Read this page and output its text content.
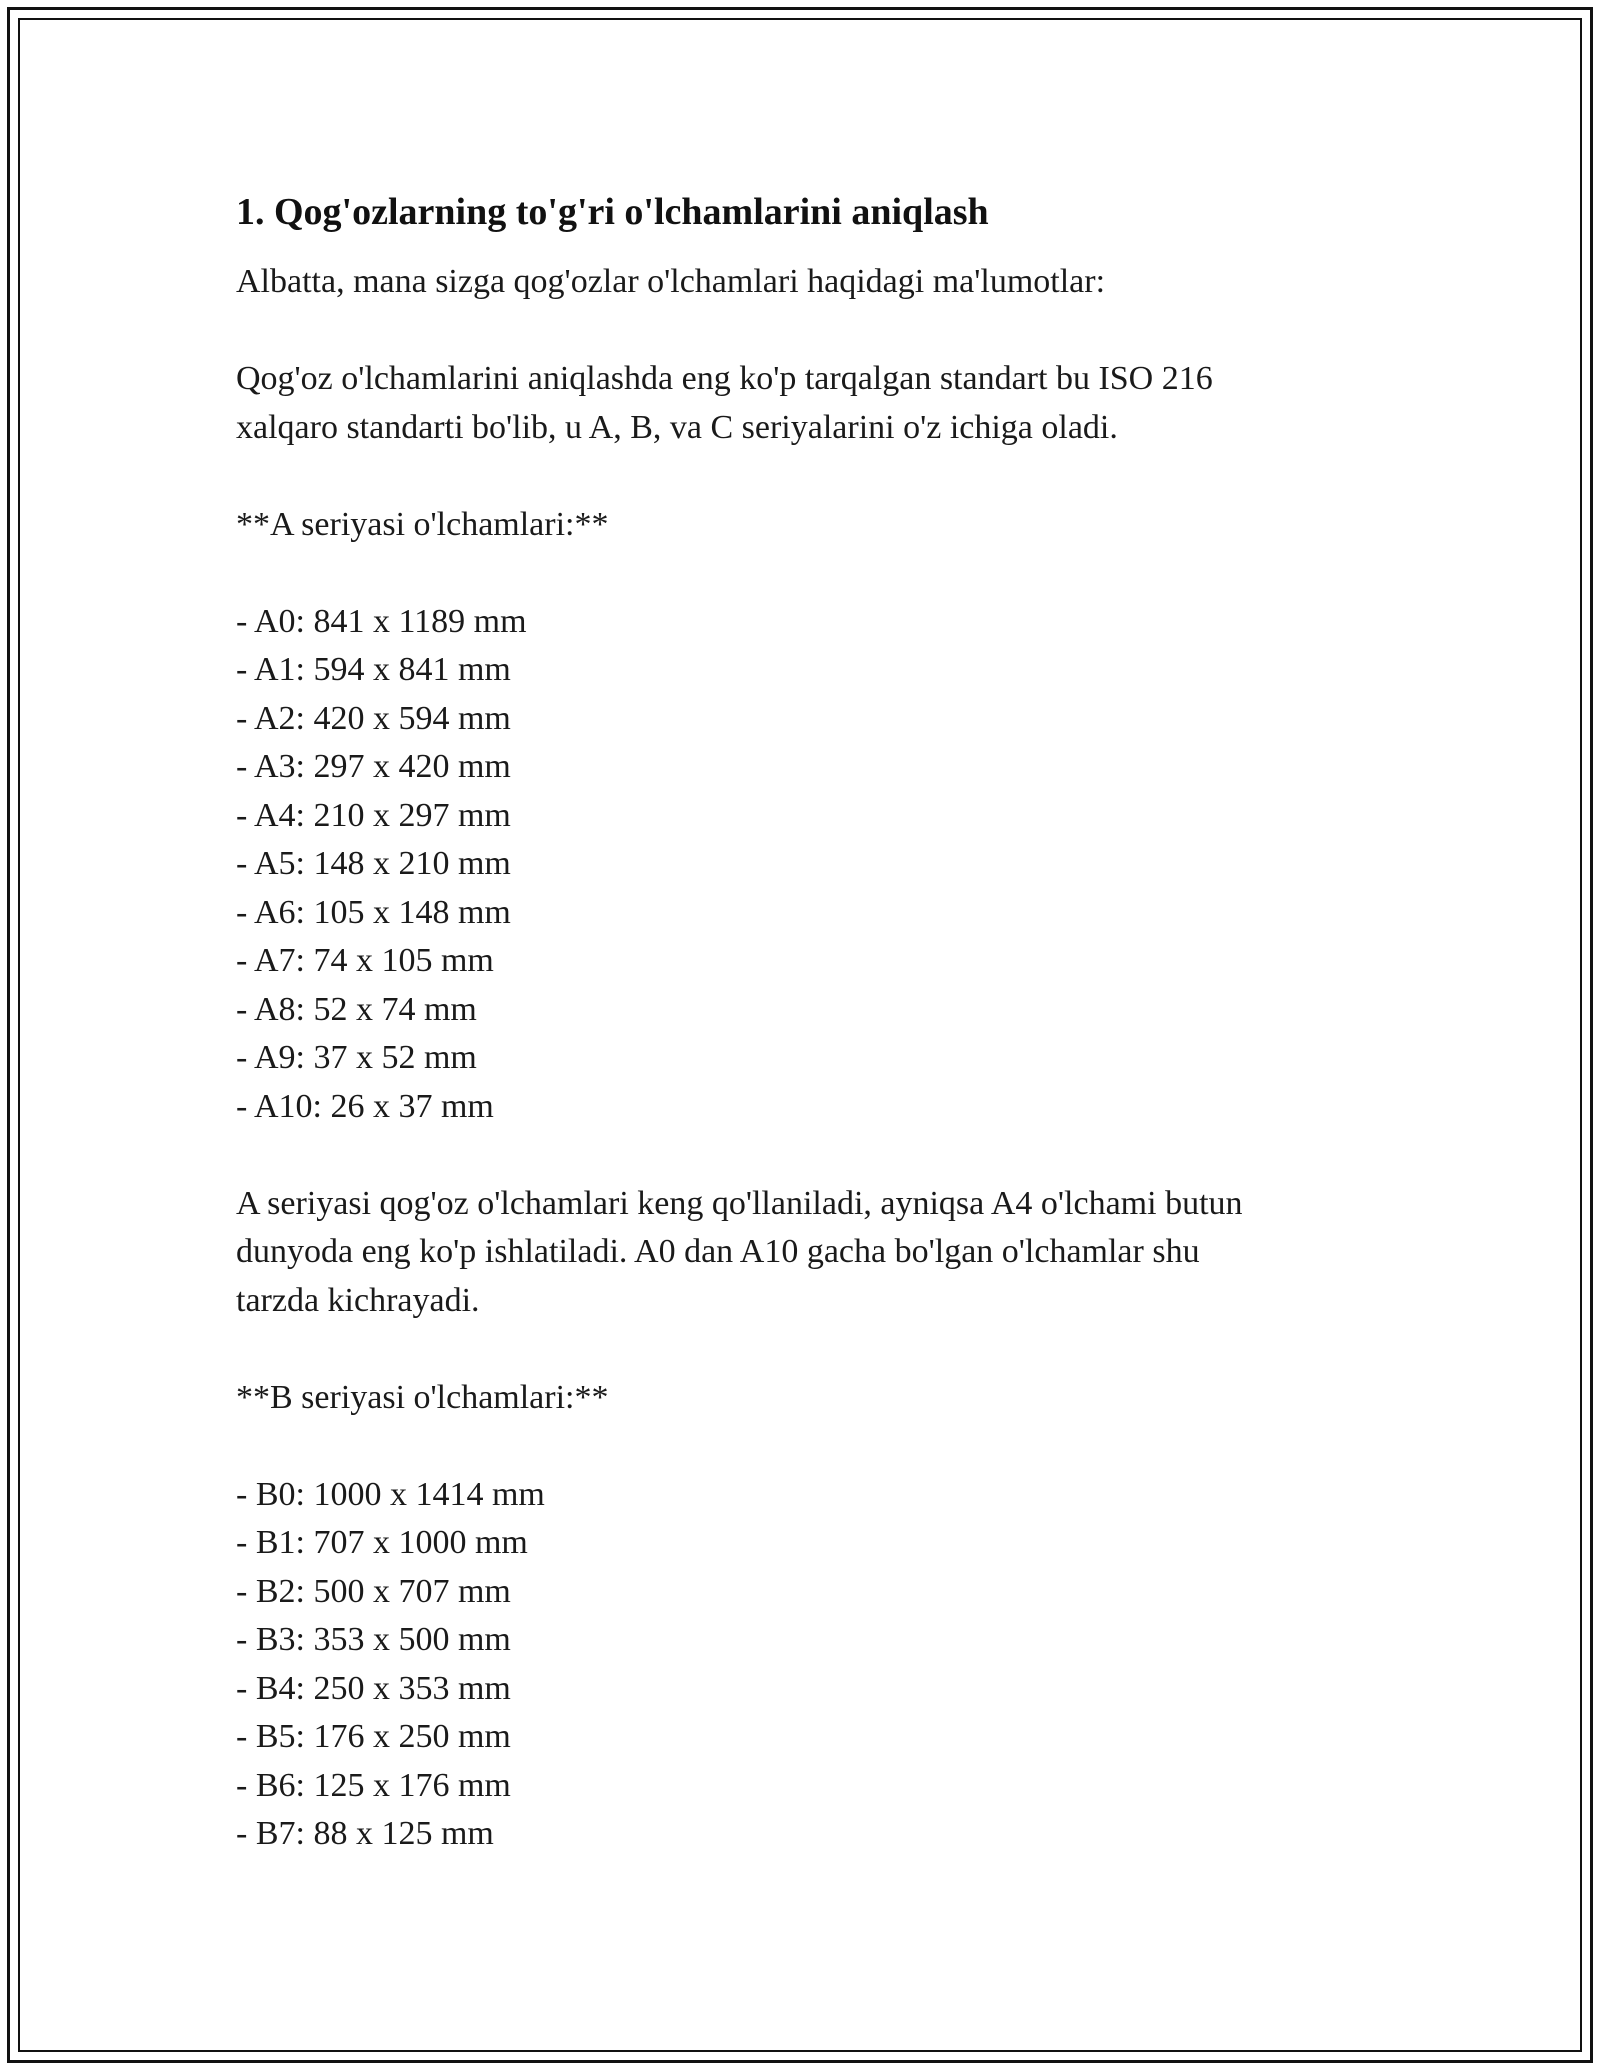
1. Qog'ozlarning to'g'ri o'lchamlarini aniqlash

Albatta, mana sizga qog'ozlar o'lchamlari haqidagi ma'lumotlar:

Qog'oz o'lchamlarini aniqlashda eng ko'p tarqalgan standart bu ISO 216

xalqaro standarti bo'lib, u A, B, va C seriyalarini o'z ichiga oladi.

**A seriyasi o'lchamlari:**

- A0: 841 x 1189 mm
- A1: 594 x 841 mm
- A2: 420 x 594 mm
- A3: 297 x 420 mm
- A4: 210 x 297 mm
- A5: 148 x 210 mm
- A6: 105 x 148 mm
- A7: 74 x 105 mm
- A8: 52 x 74 mm
- A9: 37 x 52 mm
- A10: 26 x 37 mm

A seriyasi qog'oz o'lchamlari keng qo'llaniladi, ayniqsa A4 o'lchami butun

dunyoda eng ko'p ishlatiladi. A0 dan A10 gacha bo'lgan o'lchamlar shu

tarzda kichrayadi.

**B seriyasi o'lchamlari:**

- B0: 1000 x 1414 mm
- B1: 707 x 1000 mm
- B2: 500 x 707 mm
- B3: 353 x 500 mm
- B4: 250 x 353 mm
- B5: 176 x 250 mm
- B6: 125 x 176 mm
- B7: 88 x 125 mm
